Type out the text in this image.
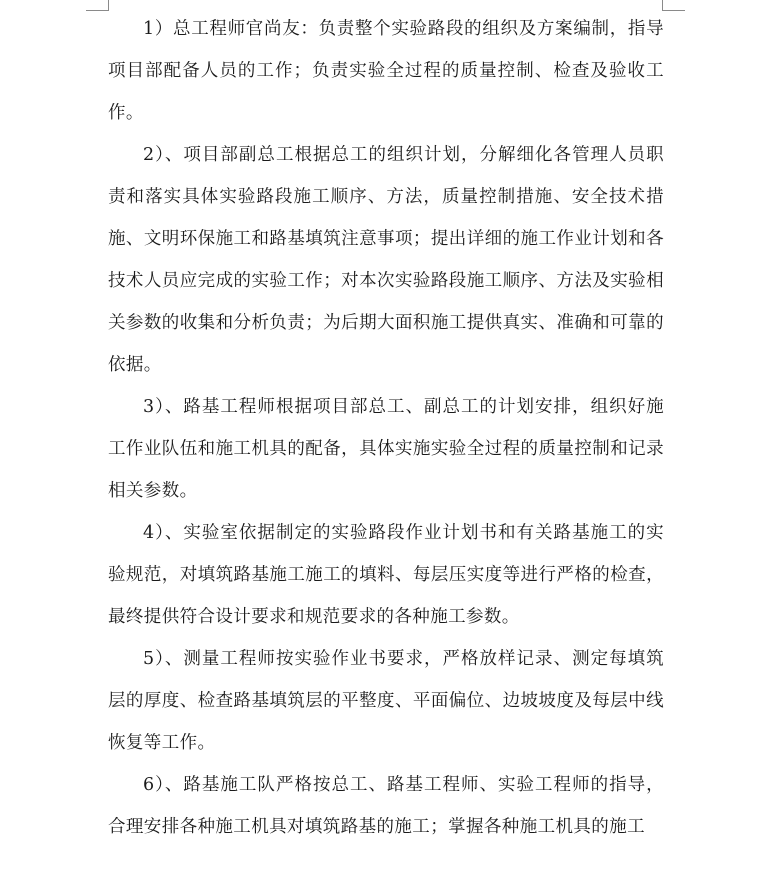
1）总工程师官尚友：负责整个实验路段的组织及方案编制，指导项目部配备人员的工作；负责实验全过程的质量控制、检查及验收工作。

2）、项目部副总工根据总工的组织计划，分解细化各管理人员职责和落实具体实验路段施工顺序、方法，质量控制措施、安全技术措施、文明环保施工和路基填筑注意事项；提出详细的施工作业计划和各技术人员应完成的实验工作；对本次实验路段施工顺序、方法及实验相关参数的收集和分析负责；为后期大面积施工提供真实、准确和可靠的依据。

3）、路基工程师根据项目部总工、副总工的计划安排，组织好施工作业队伍和施工机具的配备，具体实施实验全过程的质量控制和记录相关参数。

4）、实验室依据制定的实验路段作业计划书和有关路基施工的实验规范，对填筑路基施工施工的填料、每层压实度等进行严格的检查，最终提供符合设计要求和规范要求的各种施工参数。

5）、测量工程师按实验作业书要求，严格放样记录、测定每填筑层的厚度、检查路基填筑层的平整度、平面偏位、边坡坡度及每层中线恢复等工作。

6）、路基施工队严格按总工、路基工程师、实验工程师的指导，合理安排各种施工机具对填筑路基的施工；掌握各种施工机具的施工
